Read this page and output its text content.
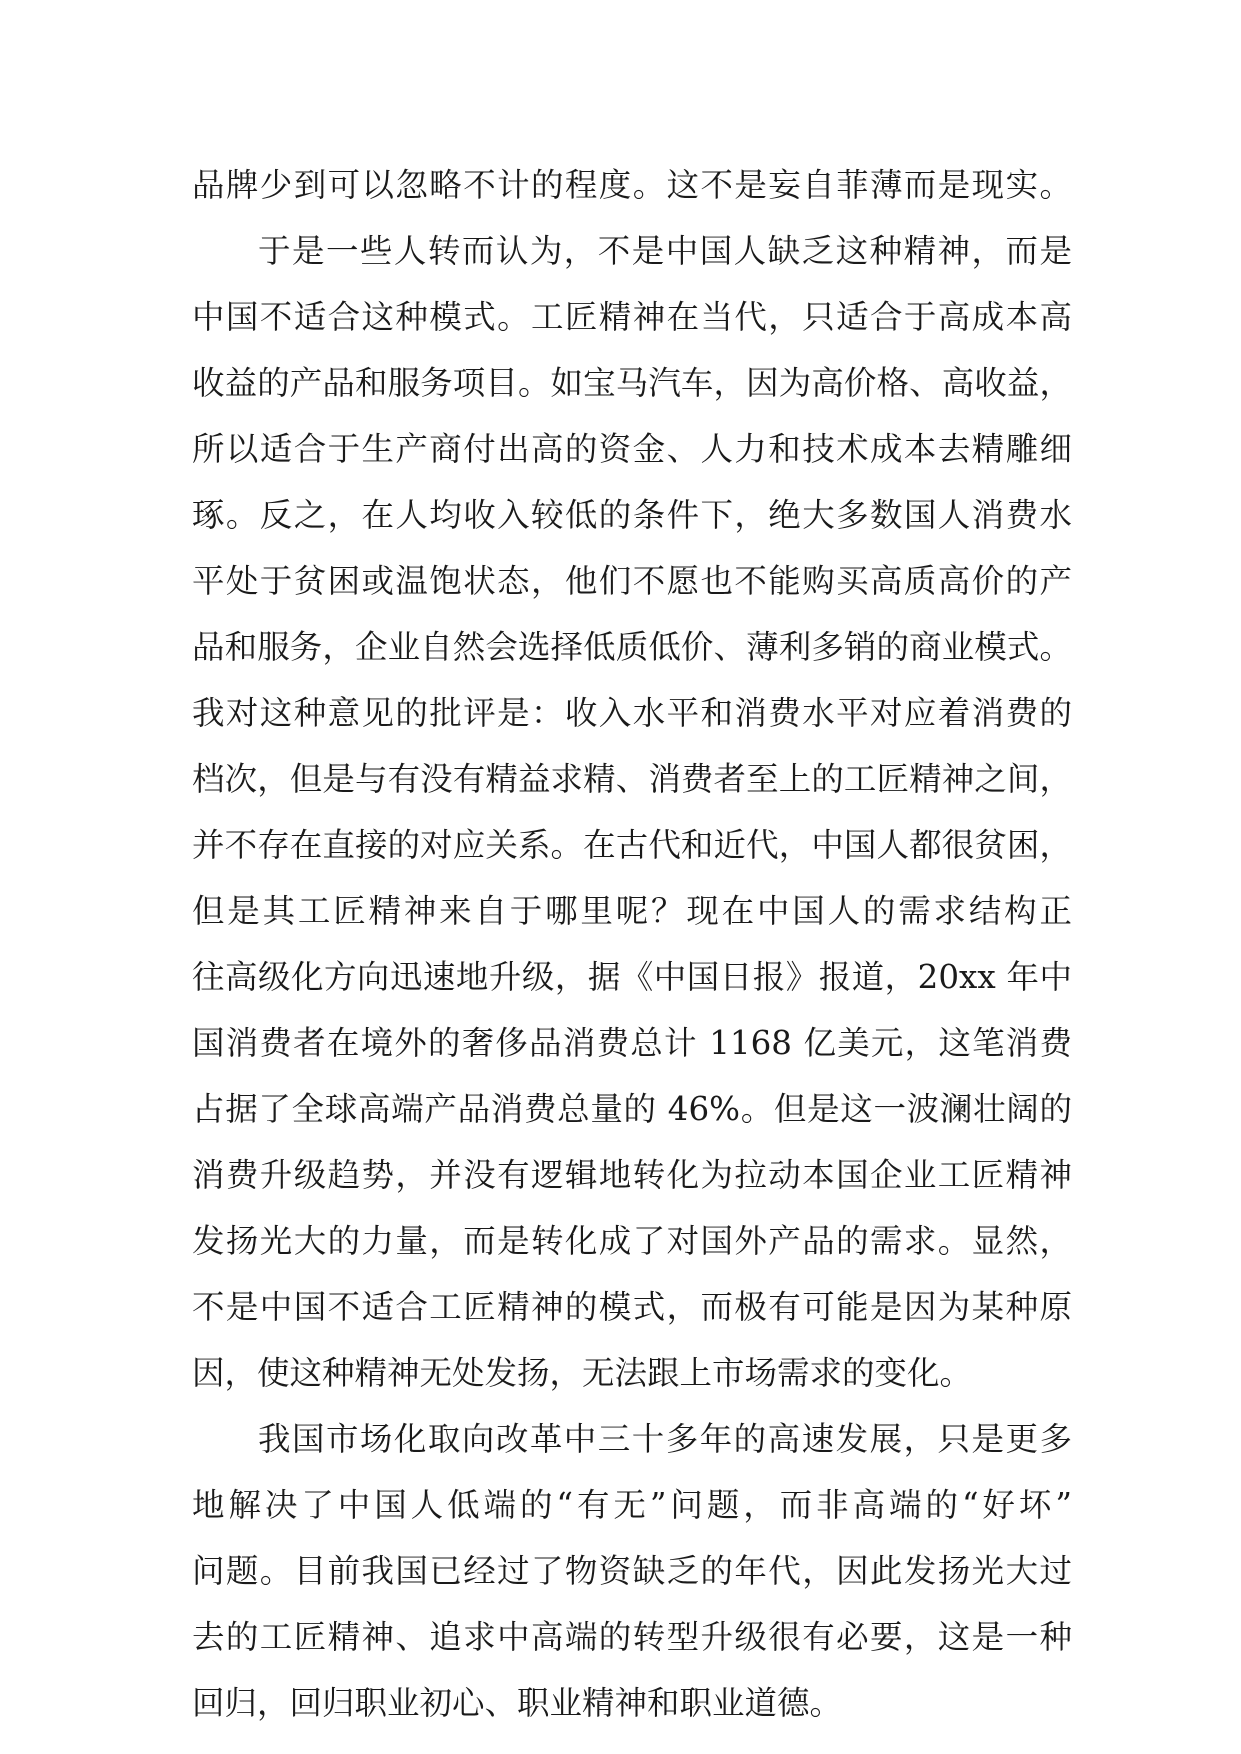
品牌少到可以忽略不计的程度。这不是妄自菲薄而是现实。
于是一些人转而认为，不是中国人缺乏这种精神，而是
中国不适合这种模式。工匠精神在当代，只适合于高成本高
收益的产品和服务项目。如宝马汽车，因为高价格、高收益，
所以适合于生产商付出高的资金、人力和技术成本去精雕细
琢。反之，在人均收入较低的条件下，绝大多数国人消费水
平处于贫困或温饱状态，他们不愿也不能购买高质高价的产
品和服务，企业自然会选择低质低价、薄利多销的商业模式。
我对这种意见的批评是：收入水平和消费水平对应着消费的
档次，但是与有没有精益求精、消费者至上的工匠精神之间，
并不存在直接的对应关系。在古代和近代，中国人都很贫困，
但是其工匠精神来自于哪里呢？现在中国人的需求结构正
往高级化方向迅速地升级，据《中国日报》报道，20xx 年中
国消费者在境外的奢侈品消费总计 1168 亿美元，这笔消费
占据了全球高端产品消费总量的 46%。但是这一波澜壮阔的
消费升级趋势，并没有逻辑地转化为拉动本国企业工匠精神
发扬光大的力量，而是转化成了对国外产品的需求。显然，
不是中国不适合工匠精神的模式，而极有可能是因为某种原
因，使这种精神无处发扬，无法跟上市场需求的变化。
我国市场化取向改革中三十多年的高速发展，只是更多
地解决了中国人低端的“有无”问题，而非高端的“好坏”
问题。目前我国已经过了物资缺乏的年代，因此发扬光大过
去的工匠精神、追求中高端的转型升级很有必要，这是一种
回归，回归职业初心、职业精神和职业道德。
